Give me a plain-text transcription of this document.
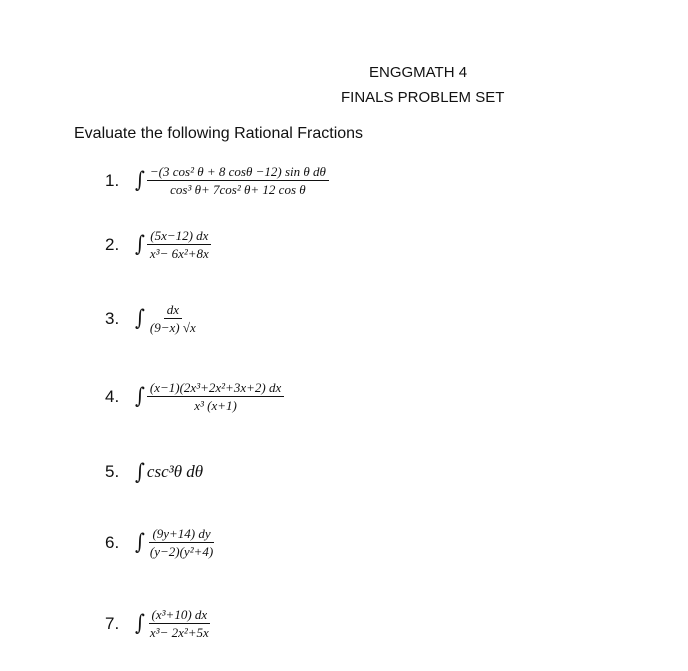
ENGGMATH 4
FINALS PROBLEM SET
Evaluate the following Rational Fractions
1. ∫ $\frac{\text{−(3 cos² θ + 8 cosθ −12) sin θ dθ}}{\text{cos³ θ+ 7cos² θ+ 12 cos θ}}$
2. ∫ $\frac{(5x-12) dx}{\text{x³− 6x²+8x}}$
3. ∫ $\frac{dx}{(9-x) √x}$
4. ∫ $\frac{\text{(x−1)(2x³+2x²+3x+2) dx}}{\text{x³ (x+1)}}$
5. ∫ csc³θ dθ
6. ∫ $\frac{(9y+14) dy}{\text{(y−2)(y²+4)}}$
7. ∫ $\frac{\text{(x³+10) dx}}{\text{x³− 2x²+5x}}$
